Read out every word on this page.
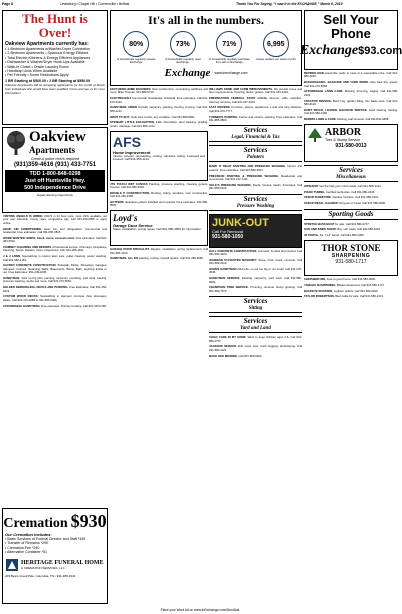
Page 8	Lewisburg • Chapel Hill • Cornersville • Belfast	Thank You For Saying, “I saw it in the EXCHANGE,” March 6, 2019
The Hunt is Over!
Oakview Apartments currently has:
• 1-Bedroom Apartments w/Washer-Dryer Connection
• 2-Bedroom Apartments • Spacious Energy Efficient
• Total Electric Kitchens & Energy Efficient Appliances
• Dishwasher & Washer/Dryer Hook-Ups Available
• Walk-In Closet • Onsite Laundry Room
• Handicap Units When Available
• Pet Friendly • Some Restrictions Apply
1 BR Starting at $500.00 • 2 BR Starting at $550.00
Oakview Apartments will be accepting applications for the month of March from individuals who would have been qualified. Come and see us for more information!
Oakview
Apartments
Credit & police check required
(931)359-4616 (931) 433-7751
TDD 1-800-848-0298
Just off Huntsville Hwy.
500 Independence Drive
Equal Housing Opportunity
VISITING ANGELS IS HIRING CNA'S in 24 hour care, most shifts available, set your own schedule, hourly rates, competitive pay. Call 931-359-0055 or apply online.
HOOD AIR CONDITIONING Heat, AC, and refrigeration. Commercial and residential. Free estimates. Call 931-680-0815.
WORK WANTED: BRICK, block, stone, concrete work. Free estimates. Call 931-484-5022.
CHIMNEY CLEANING AND REPAIRS. Professional service. Chimneys, Fireplaces, Cleaning, Swept, Repairs. Caps. Inspections, Call: 931-265-1101.
J & J LAWN, Specializing in custom lawn care, gutter cleaning, power washing. Call 931-682-2181.
GAUDET CONCRETE CONSTRUCTION. Sidewalk, Patios, Driveways, Garages, Stamped, Colored, Retaining Walls, Basements, Barns, Bath, anything inside or out. Free Estimates. 931-249-1095.
HANDYMAN. Jobs no big jobs, painting, carpentry, plumbing, yard work, hauling, pressure washing, decks and more. Call 931-270-5681.
HOLDER REMODELING, DECKS AND PAINTING. Free Estimates, Call 931-359-6219.
CUSTOM WOOD DECKS: Specializing in stamped concrete. Also driveways, patios. Call 931-270-0083 or 931-580-0020.
AFFORDABLE HANDYMAN. Free estimates. Rodney Cowling. Call 931-316-0798.
Cremation $930
Our Cremation Includes:
• Basic Services of Funeral Director and Staff *349
• Transfer of Remains *290
• Cremation Fee *240
• Alternative Container *51
HERITAGE FUNERAL HOME
& CREMATION SERVICES, LLC
209 Byars Creek Pike, Columbia, TN • 931-388-1944
It's all in the numbers.
80%
of households regularly receive Exchange
73%
of households regularly read Exchange
71%
of households regularly purchase from ads in Exchange
6,995
unique readers per week of print
Exchange www.tnexchange.com
SOUTHERN HOME BUILDERS: New construction, remodeling, additions and more. Mike Thomas, 931-580-9710.
ELECTRICIAN 3 Commercial, Residential, Industrial. Free estimates. Call 931-270-4422.
HANDYMAN: HIRED Drywall, carpentry, painting, flooring, fencing. Call 931-580-2121.
WANT TO BUY: Junk cars, trucks, any condition. Call 931-580-8061.
STEWART LITTLE EXCAVATION, LLC. Demolition, land clearing, grading, ponds, drainage. Call 931-580-1212.
AFS
Home Improvement
Interior, exterior, remodeling, roofing, windows, siding. Licensed and insured. Call 931-359-1114.
JTS TOUCH WET CANVAS Painting, pressure washing, cleaning gutters. Insured. Call 931-580-3030.
DOUBLE P CONSTRUCTION, Roofing, siding, windows, new construction. Call 931-349-1909.
GUTTERS: Seamless gutters installed and repaired. Free estimates. 931-580-5505.
Loyd's
Garage Door Service
Sales, installation, spring repair. Call 931-580-0505 for information.
GARAGE DOOR SPECIALIST. Repairs, installation, spring replacement. Call 931-684-1010.
HANDYMAN, ALL DO painting, roofing, drywall repairs. Call 931-359-6660.
WILLIAMS HOME AND FARM IMPROVEMENTS. We provide home and farm improvements. Fencing, decks, gutters. Call 931-364-4444.
PREPARATION FEDERAL STATE LOCAL Divorce, wills, adoption. Attorney services. Call 931-247-2401.
FAST MOVERS. Furniture, pianos, appliances. Local and long distance. Call 931-270-7777.
TURNER'S PAINTING Interior and exterior painting. Free estimates. Call 931-685-0800.
Services
Legal, Financial & Tax
Services
Painters
MARK IT RIGHT PAINTING AND PRESSURE WASHING. Interior and exterior. Free estimates. Call 931-580-4521.
PRECISION PAINTING & PRESSURE WASHING, Residential and commercial. Call 931-212-7411.
OGLE'S PRESSURE WASHING, Roofs, houses, decks, driveways. Call 931-580-0102.
Services
Pressure Washing
JUNK-OUT
Call For Removal
931-580-1050
HALL CONCRETE CONSTRUCTION. Licensed, bonded and insured. Call 931-580-4020.
JOHNSON SYLVESTER MASONRY: Stone, brick, block, concrete. Call 931-580-2010.
JOHN'S HANDYMAN Odd jobs, no job too big or too small. Call 931-270-4545.
HANDYMAN SERVICE, Painting, carpentry, yard work. Call 931-580-0909.
CRAMPSON TREE SERVICE. Trimming, removal, stump grinding. Call 931-580-7575.
Services
Sitting
Services
Yard and Land
CHILD CARE IN MY HOME. Want to keep children ages 2-6. Call 931-580-0707.
JACKSON SERVICE LLC Lawn care, bush hogging, landscaping. Call 931-580-1122.
BUSH HOG MOWING. Call 931-580-6262.
Sell Your Phone
Exchange $93.com
RETIRED MAN would like yards to mow at a reasonable price. Call 931-580-4040.
BUSHHOGGING, BACKHOE AND YARD WORK. Also haul dirt, gravel. Call 931-270-5658.
AFFORDABLE LAWN CARE. Mowing, trimming, edging. Call 931-580-2323.
TRACTOR SERVICE. Bush hog, garden tilling, box blade work. Call 931-580-8126.
HUMT TRUCK, LOADER, BACKHOE SERVICE. Land clearing, hauling. Call 931-580-1390.
MORRIS LAWN & CARE. Mowing, leaf removal. Call 931-842-4808.
ARBOR
Tree & Stump Service
931-580-0013
Services
Miscellaneous
HIPSHOOT Get the help your mind needs. Call 931-580-1414.
PIANO TUNING, Certified technician. Call 931-580-3434.
CEDAR FURNITURE. Outdoor furniture. Call 931-580-3131.
SCRAP METAL CLEANUP. All types of metal. Call 931-580-0500.
Sporting Goods
STRETCH BASS BOAT for sale. Call 931-580-2727.
GUN AND KNIFE SHOW: Buy, sell, trade. Call 931-580-6262.
AT PISTOL, Ss, 7.12" barrel. Call 931-580-4466.
THOR STONE
SHARPENING
931-580-1717
SHEPHERD MIX, Free to good home. Call 931-580-3636.
YAMAHA SHARPENING, Blades sharpened. Call 931-580-4747.
BUCKEYE ROOSTER, Leghorn pullets. Call 931-580-3939.
TAYLOR ROBERTSON, Beef cattle for sale. Call 931-580-1331.
Place your Word Ad on www.tnExchange.com/WordAds
